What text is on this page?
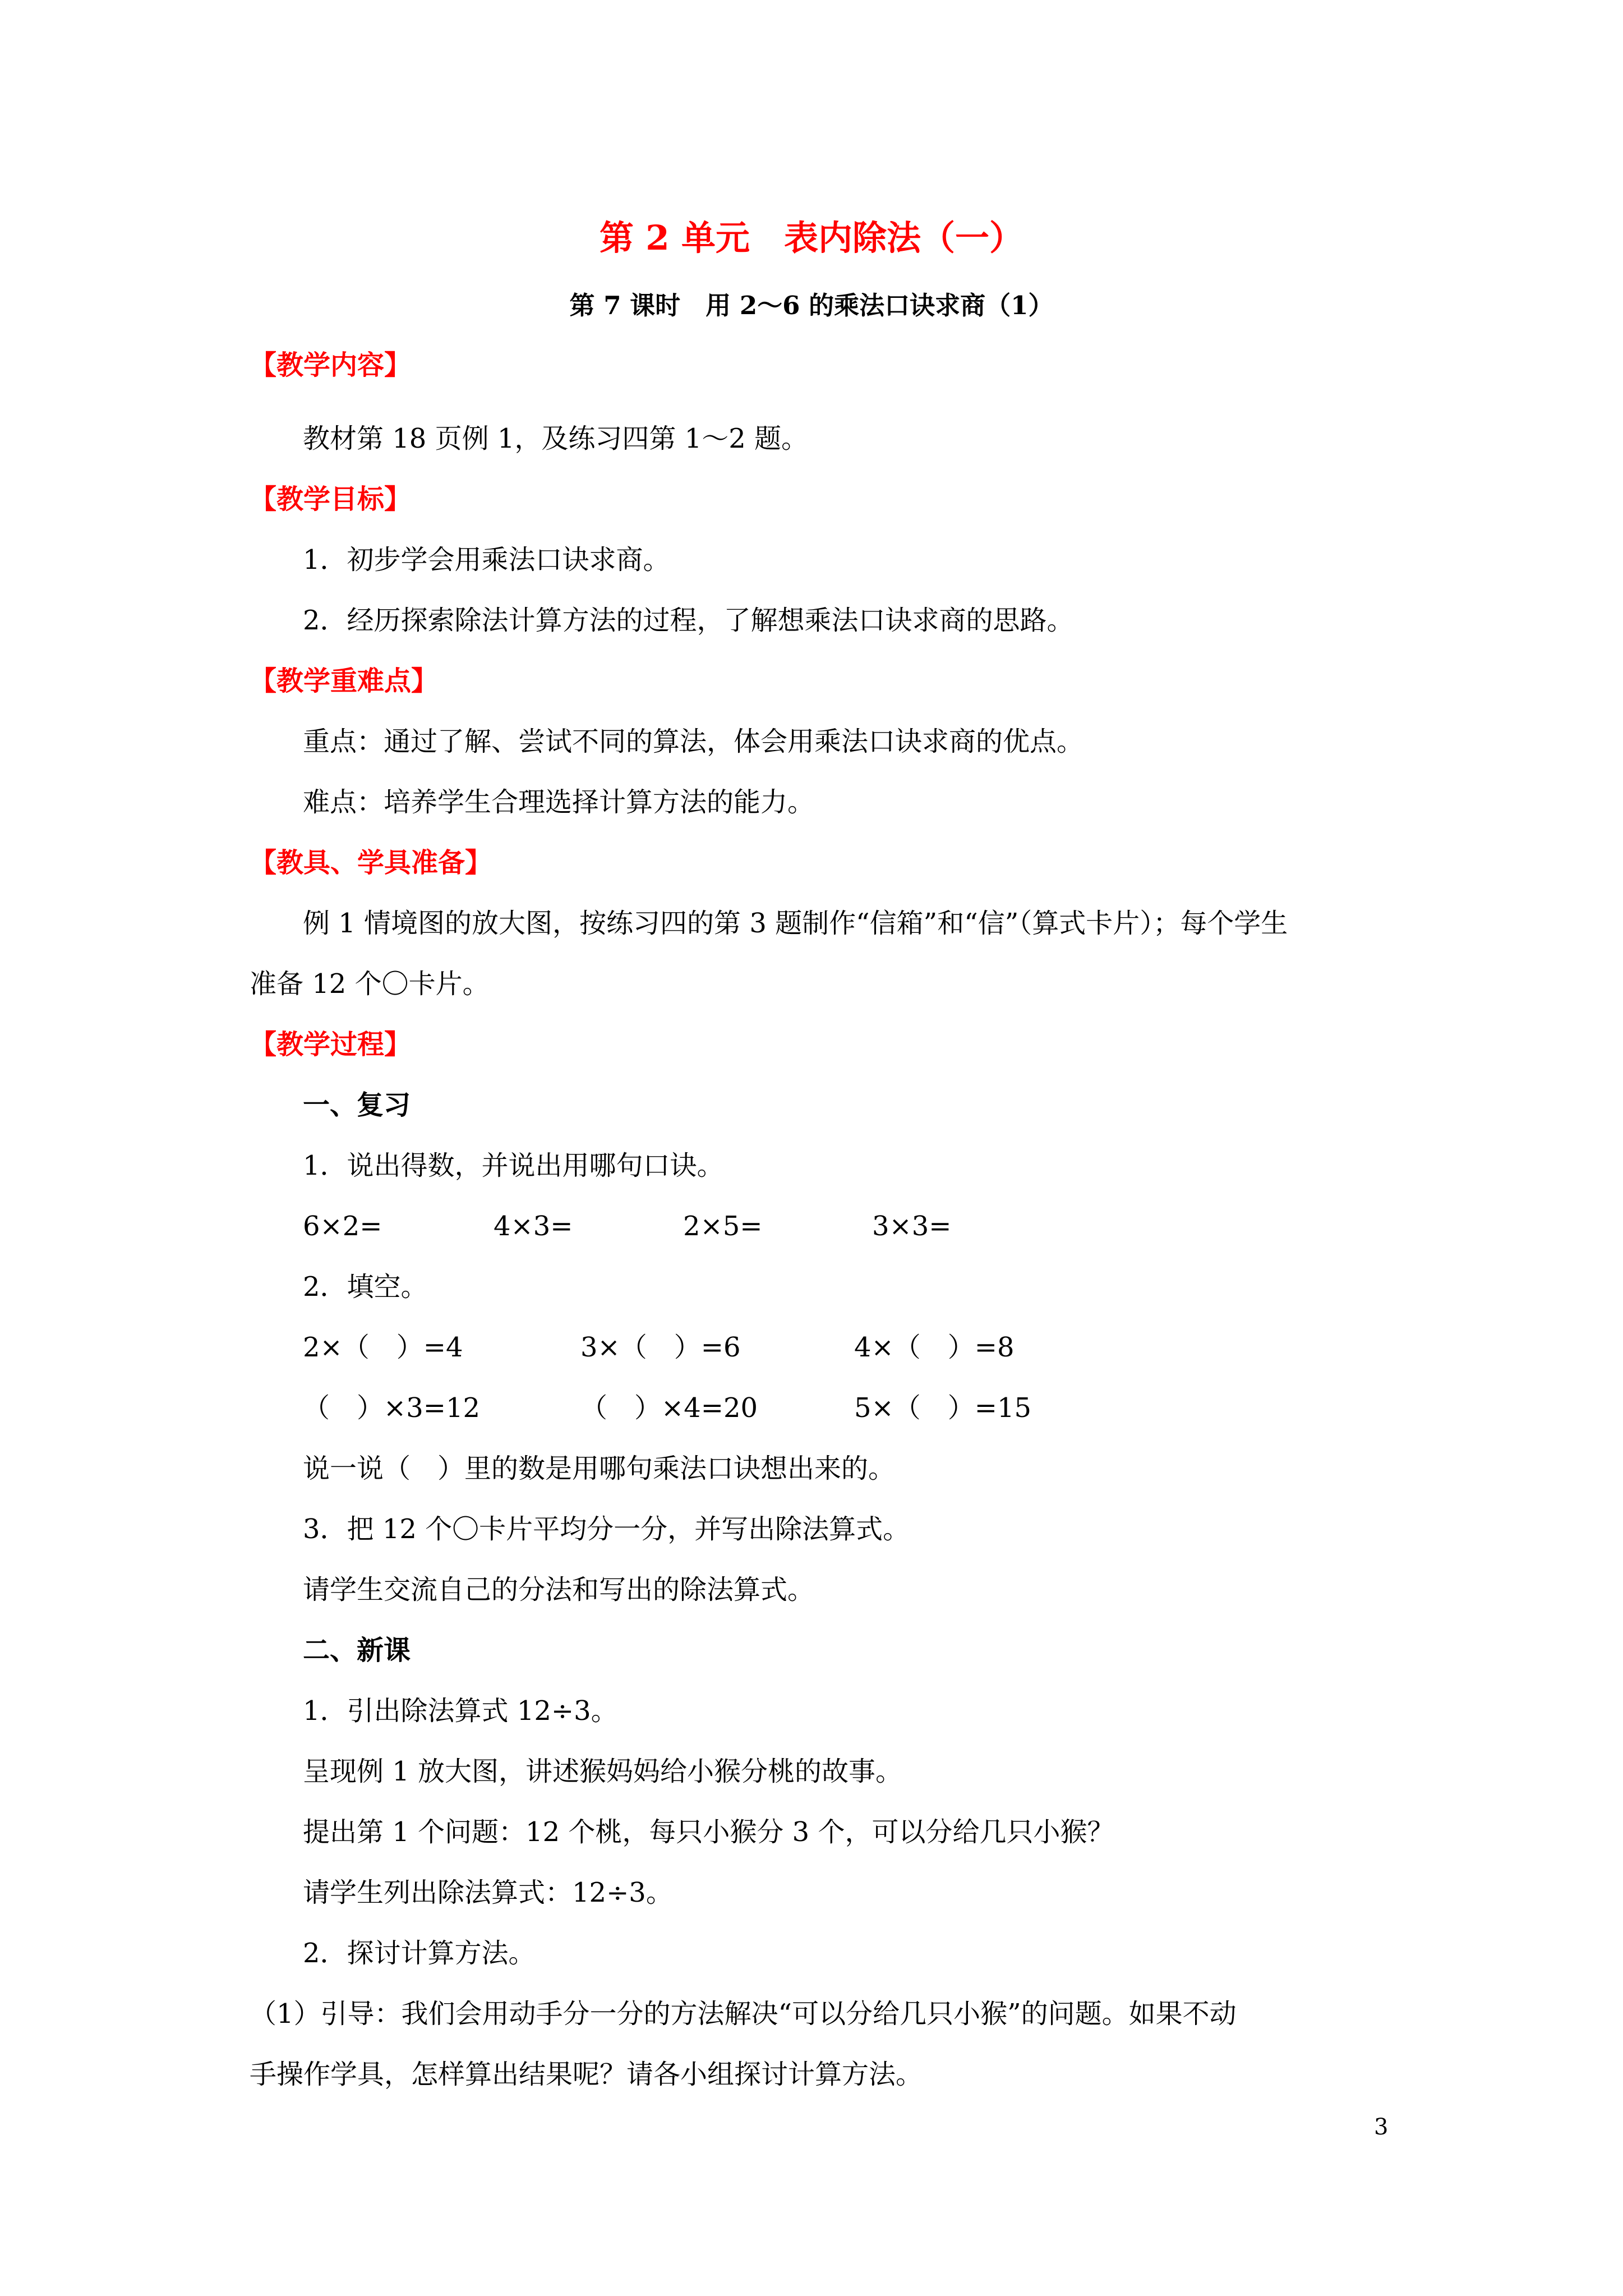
第 2 单元　表内除法（一）
第 7 课时　用 2～6 的乘法口诀求商（1）
【教学内容】
教材第 18 页例 1，及练习四第 1～2 题。
【教学目标】
1．初步学会用乘法口诀求商。
2．经历探索除法计算方法的过程，了解想乘法口诀求商的思路。
【教学重难点】
重点：通过了解、尝试不同的算法，体会用乘法口诀求商的优点。
难点：培养学生合理选择计算方法的能力。
【教具、学具准备】
例 1 情境图的放大图，按练习四的第 3 题制作“信箱”和“信”（算式卡片）；每个学生
准备 12 个〇卡片。
【教学过程】
一、复习
1．说出得数，并说出用哪句口诀。
6×2=	4×3=	2×5=	3×3=
2．填空。
2×（　）=4	3×（　）=6	4×（　）=8
（　）×3=12	（　）×4=20	5×（　）=15
说一说（　）里的数是用哪句乘法口诀想出来的。
3．把 12 个〇卡片平均分一分，并写出除法算式。
请学生交流自己的分法和写出的除法算式。
二、新课
1．引出除法算式 12÷3。
呈现例 1 放大图，讲述猴妈妈给小猴分桃的故事。
提出第 1 个问题：12 个桃，每只小猴分 3 个，可以分给几只小猴？
请学生列出除法算式：12÷3。
2．探讨计算方法。
（1）引导：我们会用动手分一分的方法解决“可以分给几只小猴”的问题。如果不动
手操作学具，怎样算出结果呢？请各小组探讨计算方法。
3
